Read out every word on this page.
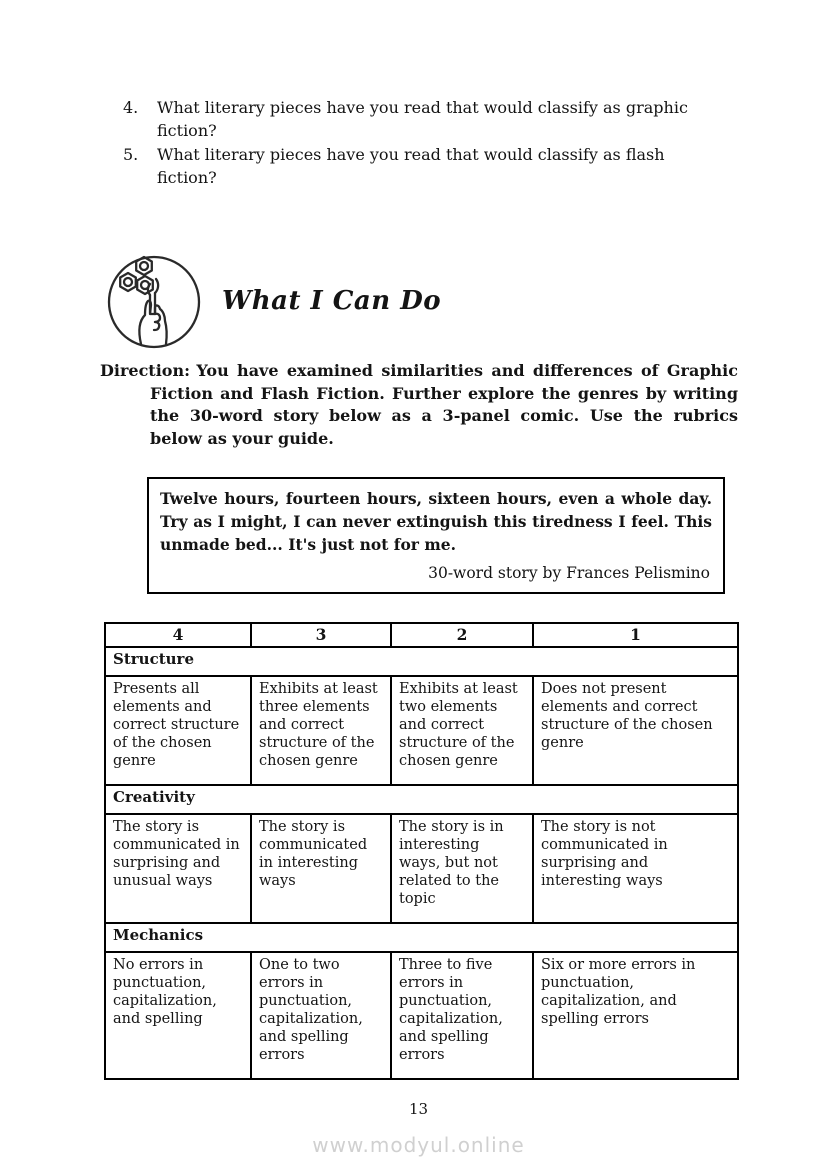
4.	What literary pieces have you read that would classify as graphic fiction?
5.	What literary pieces have you read that would classify as flash fiction?
What I Can Do

Direction: You have examined similarities and differences of Graphic Fiction and Flash Fiction. Further explore the genres by writing the 30-word story below as a 3-panel comic. Use the rubrics below as your guide.

Twelve hours, fourteen hours, sixteen hours, even a whole day. Try as I might, I can never extinguish this tiredness I feel. This unmade bed... It's just not for me.

30-word story by Frances Pelismino

4	3	2	1
Structure			
Presents all elements and correct structure of the chosen genre	Exhibits at least three elements and correct structure of the chosen genre	Exhibits at least two elements and correct structure of the chosen genre	Does not present elements and correct structure of the chosen genre
Creativity			
The story is communicated in surprising and unusual ways	The story is communicated in interesting ways	The story is in interesting ways, but not related to the topic	The story is not communicated in surprising and interesting ways
Mechanics			
No errors in punctuation, capitalization, and spelling	One to two errors in punctuation, capitalization, and spelling errors	Three to five errors in punctuation, capitalization, and spelling errors	Six or more errors in punctuation, capitalization, and spelling errors
13
www.modyul.online
